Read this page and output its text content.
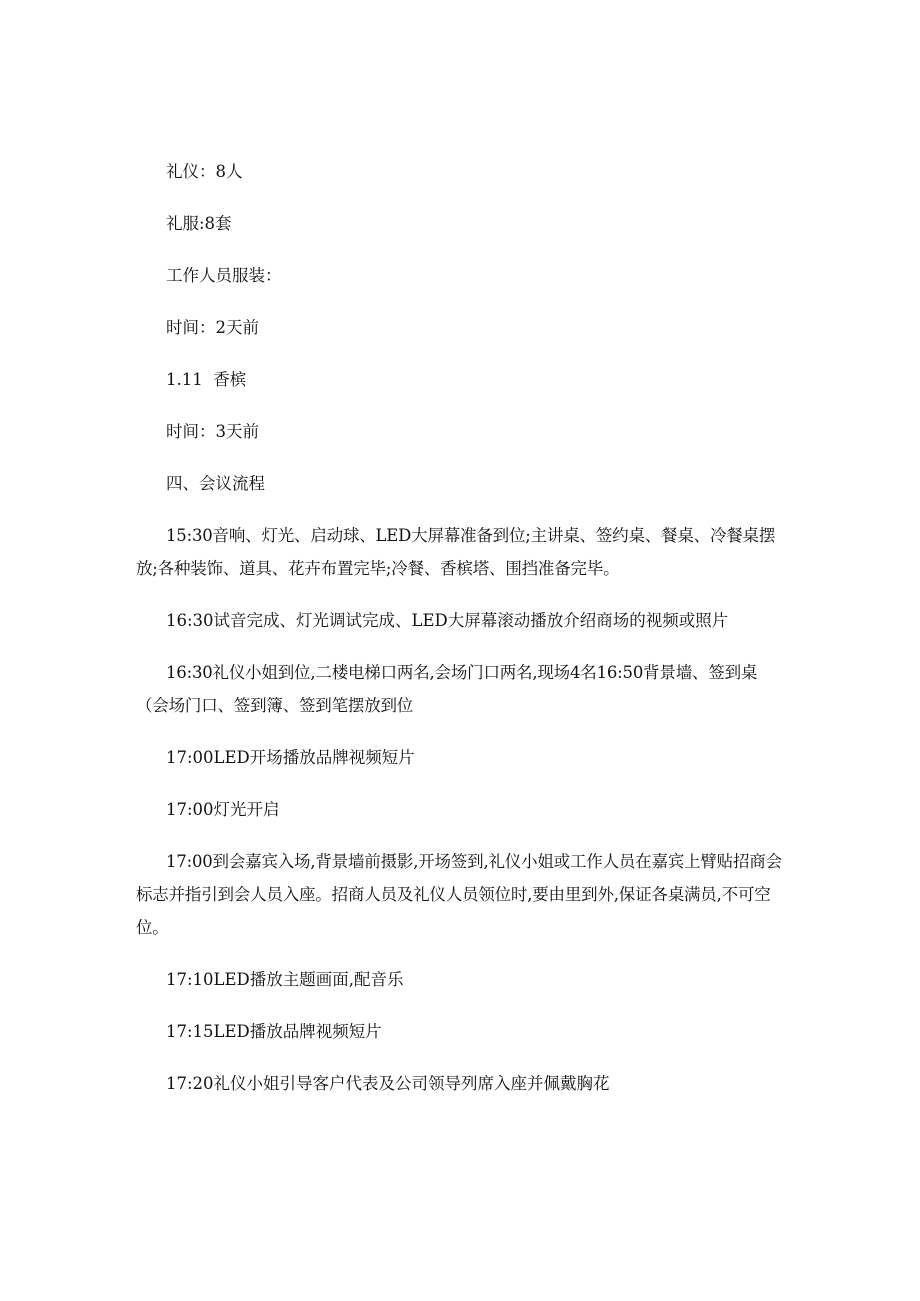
礼仪：8人

礼服:8套

工作人员服装：

时间：2天前

1.11  香槟

时间：3天前

四、会议流程

15:30音响、灯光、启动球、LED大屏幕准备到位;主讲桌、签约桌、餐桌、冷餐桌摆放;各种装饰、道具、花卉布置完毕;冷餐、香槟塔、围挡准备完毕。

16:30试音完成、灯光调试完成、LED大屏幕滚动播放介绍商场的视频或照片

16:30礼仪小姐到位,二楼电梯口两名,会场门口两名,现场4名16:50背景墙、签到桌（会场门口、签到簿、签到笔摆放到位

17:00LED开场播放品牌视频短片

17:00灯光开启

17:00到会嘉宾入场,背景墙前摄影,开场签到,礼仪小姐或工作人员在嘉宾上臂贴招商会标志并指引到会人员入座。招商人员及礼仪人员领位时,要由里到外,保证各桌满员,不可空位。

17:10LED播放主题画面,配音乐

17:15LED播放品牌视频短片

17:20礼仪小姐引导客户代表及公司领导列席入座并佩戴胸花
